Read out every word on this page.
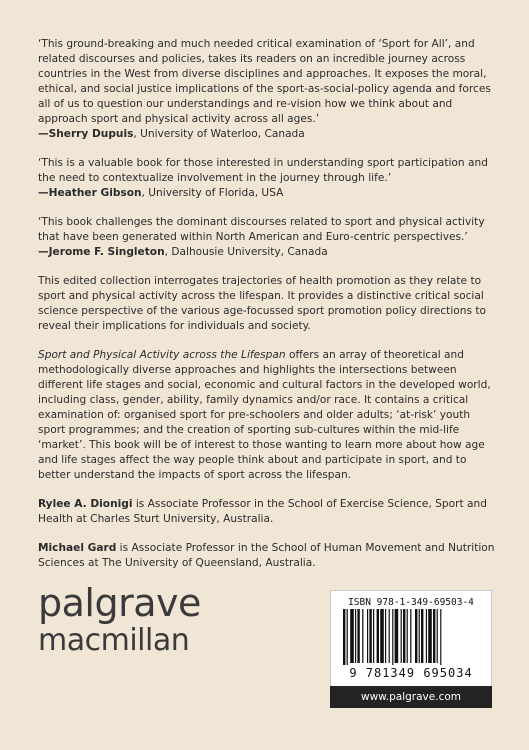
‘This ground-breaking and much needed critical examination of ‘Sport for All’, and related discourses and policies, takes its readers on an incredible journey across countries in the West from diverse disciplines and approaches. It exposes the moral, ethical, and social justice implications of the sport-as-social-policy agenda and forces all of us to question our understandings and re-vision how we think about and approach sport and physical activity across all ages.’
—Sherry Dupuis, University of Waterloo, Canada

‘This is a valuable book for those interested in understanding sport participation and the need to contextualize involvement in the journey through life.’
—Heather Gibson, University of Florida, USA

‘This book challenges the dominant discourses related to sport and physical activity that have been generated within North American and Euro-centric perspectives.’
—Jerome F. Singleton, Dalhousie University, Canada

This edited collection interrogates trajectories of health promotion as they relate to sport and physical activity across the lifespan. It provides a distinctive critical social science perspective of the various age-focussed sport promotion policy directions to reveal their implications for individuals and society.

Sport and Physical Activity across the Lifespan offers an array of theoretical and methodologically diverse approaches and highlights the intersections between different life stages and social, economic and cultural factors in the developed world, including class, gender, ability, family dynamics and/or race. It contains a critical examination of: organised sport for pre-schoolers and older adults; ‘at-risk’ youth sport programmes; and the creation of sporting sub-cultures within the mid-life ‘market’. This book will be of interest to those wanting to learn more about how age and life stages affect the way people think about and participate in sport, and to better understand the impacts of sport across the lifespan.

Rylee A. Dionigi is Associate Professor in the School of Exercise Science, Sport and Health at Charles Sturt University, Australia.

Michael Gard is Associate Professor in the School of Human Movement and Nutrition Sciences at The University of Queensland, Australia.

palgrave
macmillan
ISBN 978-1-349-69503-4
9 781349 695034
www.palgrave.com
